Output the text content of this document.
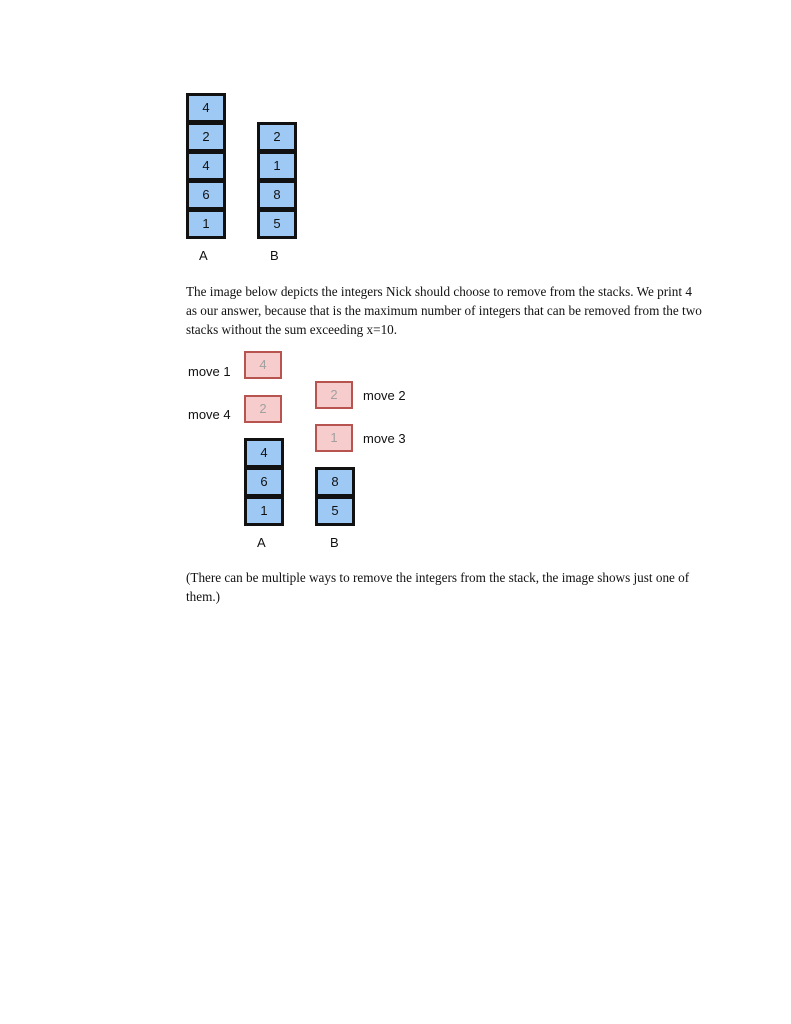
4
2
4
6
1
2
1
8
5
A	B
The image below depicts the integers Nick should choose to remove from the stacks. We print 4 as our answer, because that is the maximum number of integers that can be removed from the two stacks without the sum exceeding x=10.
move 1	4
move 4	2
2	move 2
1	move 3
4
6
1
8
5
A	B
(There can be multiple ways to remove the integers from the stack, the image shows just one of them.)
